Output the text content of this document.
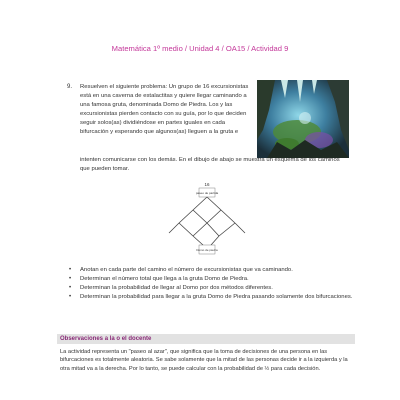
Matemática 1º medio / Unidad 4 / OA15 / Actividad 9
9. Resuelven el siguiente problema: Un grupo de 16 excursionistas está en una caverna de estalactitas y quiere llegar caminando a una famosa gruta, denominada Domo de Piedra. Los y las excursionistas pierden contacto con su guía, por lo que deciden seguir solos(as) dividiéndose en partes iguales en cada bifurcación y esperando que algunos(as) lleguen a la gruta e
intenten comunicarse con los demás. En el dibujo de abajo se muestra un esquema de los caminos que pueden tomar.
16
paseo de partida
Domo de piedra
• Anotan en cada parte del camino el número de excursionistas que va caminando.
• Determinan el número total que llega a la gruta Domo de Piedra.
• Determinan la probabilidad de llegar al Domo por dos métodos diferentes.
• Determinan la probabilidad para llegar a la gruta Domo de Piedra pasando solamente dos bifurcaciones.
Observaciones a la o el docente
La actividad representa un "paseo al azar", que significa que la toma de decisiones de una persona en las bifurcaciones es totalmente aleatoria. Se sabe solamente que la mitad de las personas decide ir a la izquierda y la otra mitad va a la derecha. Por lo tanto, se puede calcular con la probabilidad de ½ para cada decisión.
